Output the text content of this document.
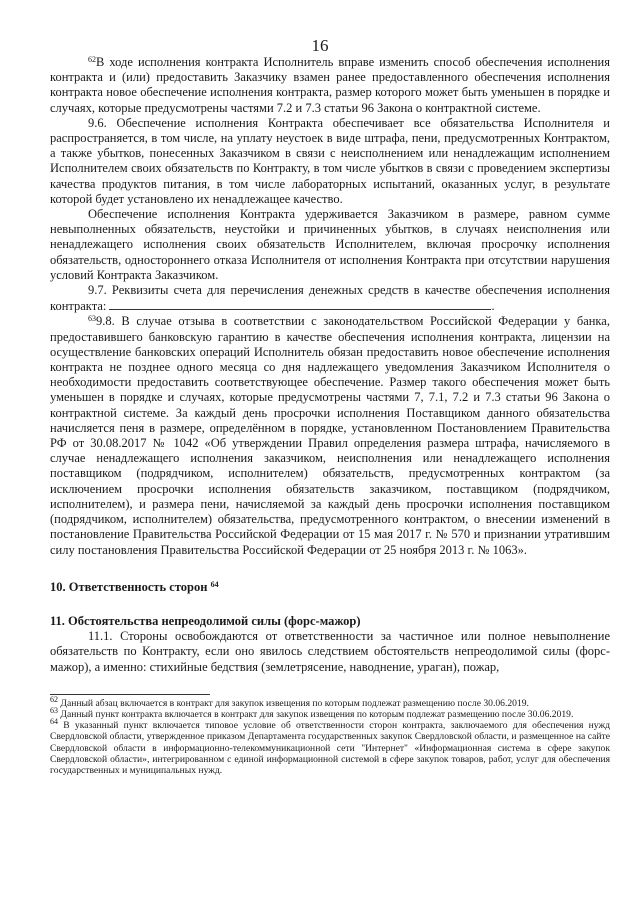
16

$^{62}$В ходе исполнения контракта Исполнитель вправе изменить способ обеспечения исполнения контракта и (или) предоставить Заказчику взамен ранее предоставленного обеспечения исполнения контракта новое обеспечение исполнения контракта, размер которого может быть уменьшен в порядке и случаях, которые предусмотрены частями 7.2 и 7.3 статьи 96 Закона о контрактной системе.

9.6. Обеспечение исполнения Контракта обеспечивает все обязательства Исполнителя и распространяется, в том числе, на уплату неустоек в виде штрафа, пени, предусмотренных Контрактом, а также убытков, понесенных Заказчиком в связи с неисполнением или ненадлежащим исполнением Исполнителем своих обязательств по Контракту, в том числе убытков в связи с проведением экспертизы качества продуктов питания, в том числе лабораторных испытаний, оказанных услуг, в результате которой будет установлено их ненадлежащее качество.

Обеспечение исполнения Контракта удерживается Заказчиком в размере, равном сумме невыполненных обязательств, неустойки и причиненных убытков, в случаях неисполнения или ненадлежащего исполнения своих обязательств Исполнителем, включая просрочку исполнения обязательств, одностороннего отказа Исполнителя от исполнения Контракта при отсутствии нарушения условий Контракта Заказчиком.

9.7. Реквизиты счета для перечисления денежных средств в качестве обеспечения исполнения контракта:	.

$^{63}$9.8. В случае отзыва в соответствии с законодательством Российской Федерации у банка, предоставившего банковскую гарантию в качестве обеспечения исполнения контракта, лицензии на осуществление банковских операций Исполнитель обязан предоставить новое обеспечение исполнения контракта не позднее одного месяца со дня надлежащего уведомления Заказчиком Исполнителя о необходимости предоставить соответствующее обеспечение. Размер такого обеспечения может быть уменьшен в порядке и случаях, которые предусмотрены частями 7, 7.1, 7.2 и 7.3 статьи 96 Закона о контрактной системе. За каждый день просрочки исполнения Поставщиком данного обязательства начисляется пеня в размере, определённом в порядке, установленном Постановлением Правительства РФ от 30.08.2017 № 1042 «Об утверждении Правил определения размера штрафа, начисляемого в случае ненадлежащего исполнения заказчиком, неисполнения или ненадлежащего исполнения поставщиком (подрядчиком, исполнителем) обязательств, предусмотренных контрактом (за исключением просрочки исполнения обязательств заказчиком, поставщиком (подрядчиком, исполнителем), и размера пени, начисляемой за каждый день просрочки исполнения поставщиком (подрядчиком, исполнителем) обязательства, предусмотренного контрактом, о внесении изменений в постановление Правительства Российской Федерации от 15 мая 2017 г. № 570 и признании утратившим силу постановления Правительства Российской Федерации от 25 ноября 2013 г. № 1063».

10. Ответственность сторон $^{64}$

11. Обстоятельства непреодолимой силы (форс-мажор)

11.1. Стороны освобождаются от ответственности за частичное или полное невыполнение обязательств по Контракту, если оно явилось следствием обстоятельств непреодолимой силы (форс-мажор), а именно: стихийные бедствия (землетрясение, наводнение, ураган), пожар,

$^{62}$ Данный абзац включается в контракт для закупок извещения по которым подлежат размещению после 30.06.2019.

$^{63}$ Данный пункт контракта включается в контракт для закупок извещения по которым подлежат размещению после 30.06.2019.

$^{64}$ В указанный пункт включается типовое условие об ответственности сторон контракта, заключаемого для обеспечения нужд Свердловской области, утвержденное приказом Департамента государственных закупок Свердловской области, и размещенное на сайте Свердловской области в информационно-телекоммуникационной сети "Интернет" «Информационная система в сфере закупок Свердловской области», интегрированном с единой информационной системой в сфере закупок товаров, работ, услуг для обеспечения государственных и муниципальных нужд.
